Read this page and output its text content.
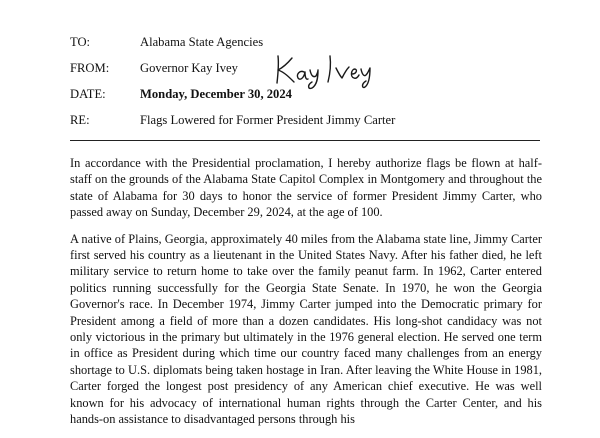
TO:	Alabama State Agencies
FROM: Governor Kay Ivey
DATE:	Monday, December 30, 2024
RE:	Flags Lowered for Former President Jimmy Carter

In accordance with the Presidential proclamation, I hereby authorize flags be flown at half-staff on the grounds of the Alabama State Capitol Complex in Montgomery and throughout the state of Alabama for 30 days to honor the service of former President Jimmy Carter, who passed away on Sunday, December 29, 2024, at the age of 100.

A native of Plains, Georgia, approximately 40 miles from the Alabama state line, Jimmy Carter first served his country as a lieutenant in the United States Navy. After his father died, he left military service to return home to take over the family peanut farm. In 1962, Carter entered politics running successfully for the Georgia State Senate. In 1970, he won the Georgia Governor's race. In December 1974, Jimmy Carter jumped into the Democratic primary for President among a field of more than a dozen candidates. His long-shot candidacy was not only victorious in the primary but ultimately in the 1976 general election. He served one term in office as President during which time our country faced many challenges from an energy shortage to U.S. diplomats being taken hostage in Iran. After leaving the White House in 1981, Carter forged the longest post presidency of any American chief executive. He was well known for his advocacy of international human rights through the Carter Center, and his hands-on assistance to disadvantaged persons through his
